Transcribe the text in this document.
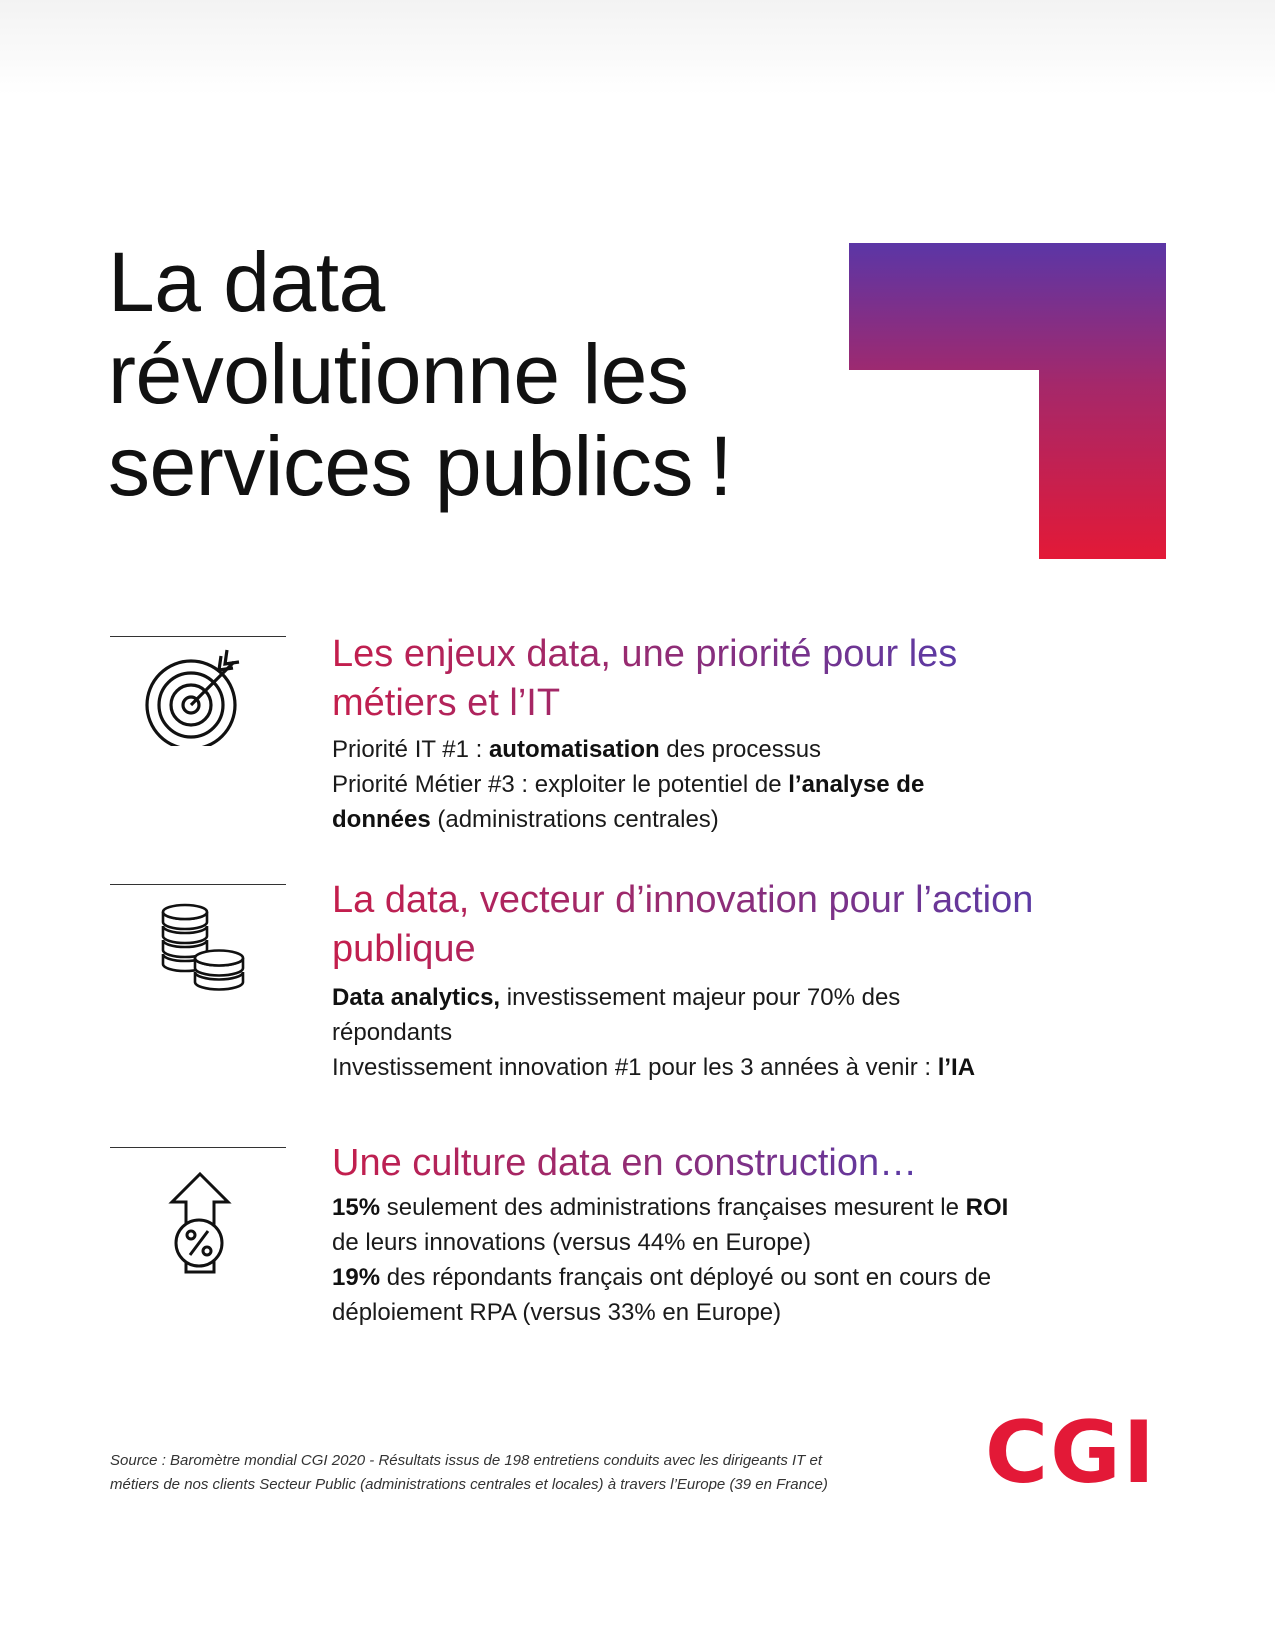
La data
révolutionne les
services publics !
Les enjeux data, une priorité pour les
métiers et l’IT

Priorité IT #1 : automatisation des processus
Priorité Métier #3 : exploiter le potentiel de l’analyse de
données (administrations centrales)

La data, vecteur d’innovation pour l’action
publique

Data analytics, investissement majeur pour 70% des
répondants
Investissement innovation #1 pour les 3 années à venir : l’IA

Une culture data en construction…

15% seulement des administrations françaises mesurent le ROI
de leurs innovations (versus 44% en Europe)
19% des répondants français ont déployé ou sont en cours de
déploiement RPA (versus 33% en Europe)

Source : Baromètre mondial CGI 2020 - Résultats issus de 198 entretiens conduits avec les dirigeants IT et
métiers de nos clients Secteur Public (administrations centrales et locales) à travers l’Europe (39 en France) CGI
